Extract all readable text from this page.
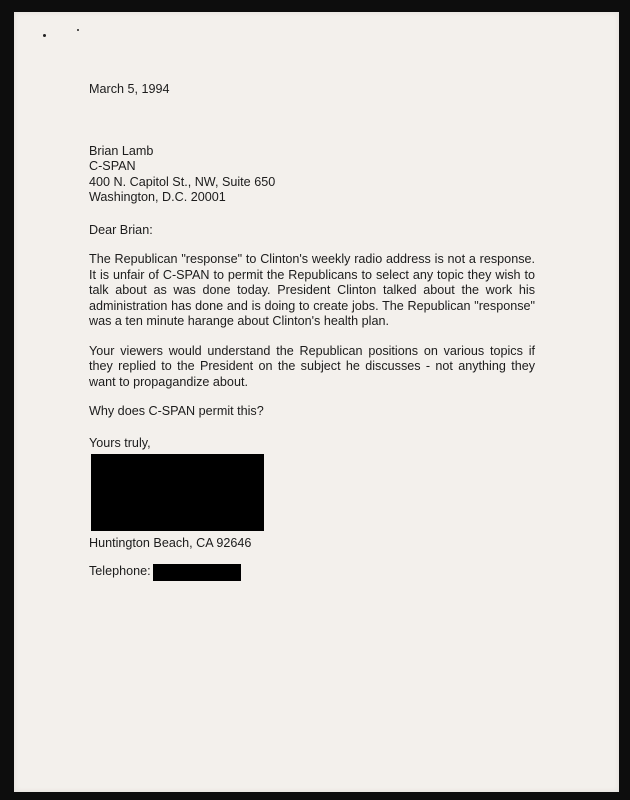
March 5, 1994

Brian Lamb
C-SPAN
400 N. Capitol St., NW, Suite 650
Washington, D.C. 20001

Dear Brian:

The Republican "response" to Clinton's weekly radio address is not a response. It is unfair of C-SPAN to permit the Republicans to select any topic they wish to talk about as was done today. President Clinton talked about the work his administration has done and is doing to create jobs. The Republican "response" was a ten minute harange about Clinton's health plan.

Your viewers would understand the Republican positions on various topics if they replied to the President on the subject he discusses - not anything they want to propagandize about.

Why does C-SPAN permit this?

Yours truly,

Huntington Beach, CA 92646

Telephone:
